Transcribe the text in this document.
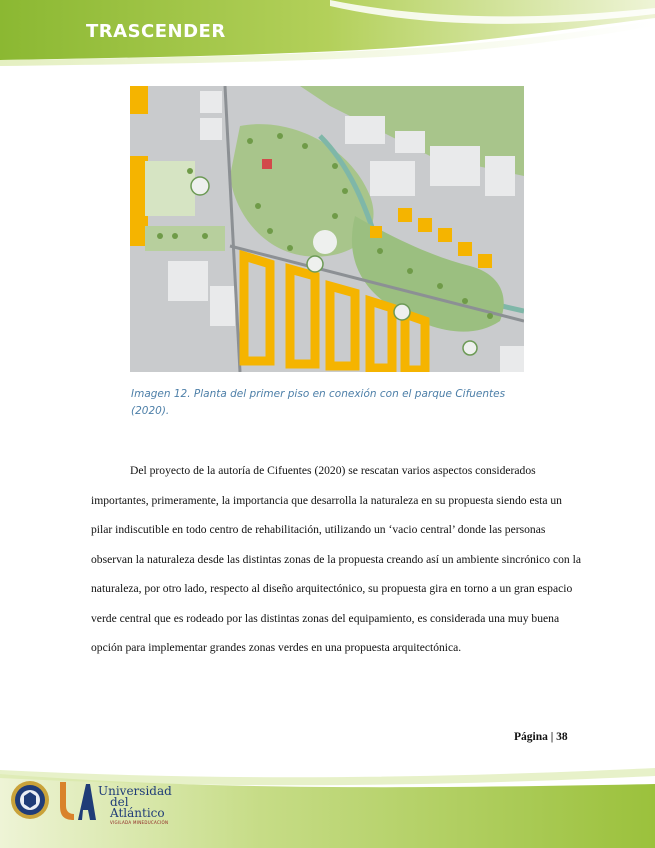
TRASCENDER
Imagen 12. Planta del primer piso en conexión con el parque Cifuentes (2020).

Del proyecto de la autoría de Cifuentes (2020) se rescatan varios aspectos considerados importantes, primeramente, la importancia que desarrolla la naturaleza en su propuesta siendo esta un pilar indiscutible en todo centro de rehabilitación, utilizando un ‘vacio central’ donde las personas observan la naturaleza desde las distintas zonas de la propuesta creando así un ambiente sincrónico con la naturaleza, por otro lado, respecto al diseño arquitectónico, su propuesta gira en torno a un gran espacio verde central que es rodeado por las distintas zonas del equipamiento, es considerada una muy buena opción para implementar grandes zonas verdes en una propuesta arquitectónica.

Página | 38
Universidad
del Atlántico
VIGILADA MINEDUCACIÓN
